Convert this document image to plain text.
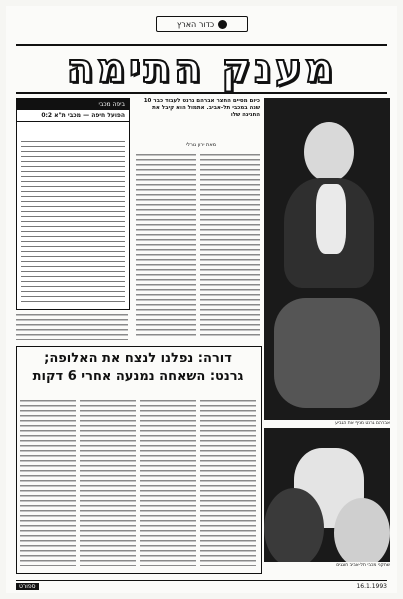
כדור הארץ
מענק התימה
ביפה מכבי
הפועל חיפה — מכבי ת"א 0:2
כיום מסיים החצר אברהם גרנט לעבוד כבר 10 שנה במכבי תל-אביב. אתמול הוא קיבל את החגיגה שלו
מאת ירון גורלי
דורה: נפלנו לנצח את האלופה;
גרנט: השאחה נמנעה אחרי 6 דקות
אברהם גרנט מניף את הגביע
שחקני מכבי תל-אביב חוגגים
16.1.1993
ספורט
